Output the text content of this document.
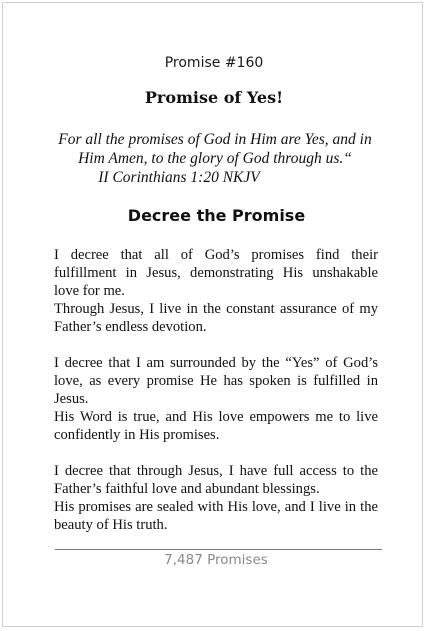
Promise #160
Promise of Yes!
For all the promises of God in Him are Yes, and in Him Amen, to the glory of God through us.“
II Corinthians 1:20 NKJV
Decree the Promise

I decree that all of God’s promises find their fulfillment in Jesus, demonstrating His unshakable love for me.

Through Jesus, I live in the constant assurance of my Father’s endless devotion.

I decree that I am surrounded by the “Yes” of God’s love, as every promise He has spoken is fulfilled in Jesus.

His Word is true, and His love empowers me to live confidently in His promises.

I decree that through Jesus, I have full access to the Father’s faithful love and abundant blessings.

His promises are sealed with His love, and I live in the beauty of His truth.

7,487 Promises
